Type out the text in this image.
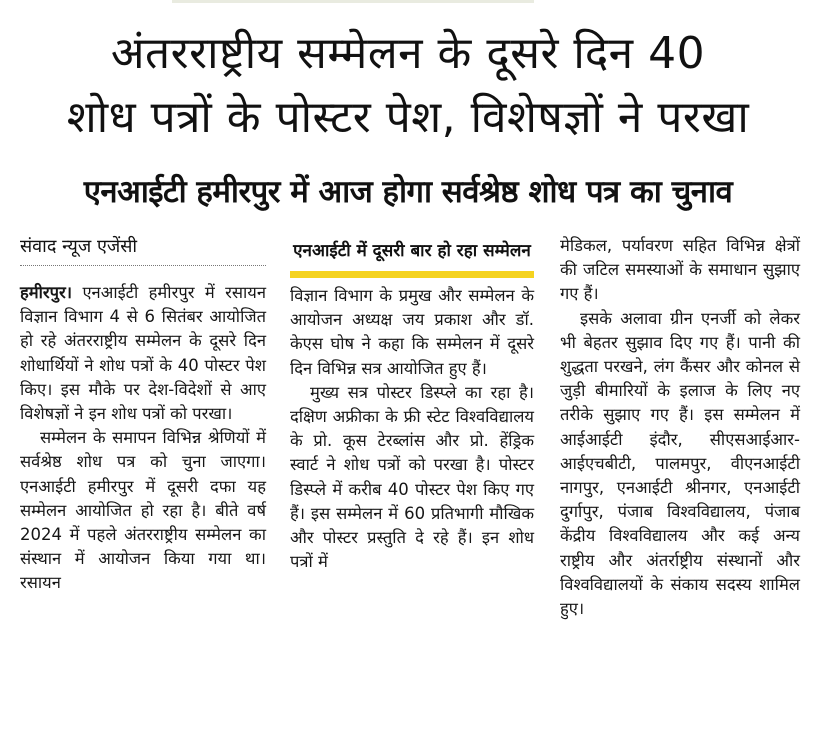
अंतरराष्ट्रीय सम्मेलन के दूसरे दिन 40
शोध पत्रों के पोस्टर पेश, विशेषज्ञों ने परखा
एनआईटी हमीरपुर में आज होगा सर्वश्रेष्ठ शोध पत्र का चुनाव
संवाद न्यूज एजेंसी

हमीरपुर। एनआईटी हमीरपुर में रसायन विज्ञान विभाग 4 से 6 सितंबर आयोजित हो रहे अंतरराष्ट्रीय सम्मेलन के दूसरे दिन शोधार्थियों ने शोध पत्रों के 40 पोस्टर पेश किए। इस मौके पर देश-विदेशों से आए विशेषज्ञों ने इन शोध पत्रों को परखा।

सम्मेलन के समापन विभिन्न श्रेणियों में सर्वश्रेष्ठ शोध पत्र को चुना जाएगा। एनआईटी हमीरपुर में दूसरी दफा यह सम्मेलन आयोजित हो रहा है। बीते वर्ष 2024 में पहले अंतरराष्ट्रीय सम्मेलन का संस्थान में आयोजन किया गया था। रसायन

एनआईटी में दूसरी बार हो रहा सम्मेलन

विज्ञान विभाग के प्रमुख और सम्मेलन के आयोजन अध्यक्ष जय प्रकाश और डॉ. केएस घोष ने कहा कि सम्मेलन में दूसरे दिन विभिन्न सत्र आयोजित हुए हैं।

मुख्य सत्र पोस्टर डिस्प्ले का रहा है। दक्षिण अफ्रीका के फ्री स्टेट विश्वविद्यालय के प्रो. कूस टेरब्लांस और प्रो. हेंड्रिक स्वार्ट ने शोध पत्रों को परखा है। पोस्टर डिस्प्ले में करीब 40 पोस्टर पेश किए गए हैं। इस सम्मेलन में 60 प्रतिभागी मौखिक और पोस्टर प्रस्तुति दे रहे हैं। इन शोध पत्रों में

मेडिकल, पर्यावरण सहित विभिन्न क्षेत्रों की जटिल समस्याओं के समाधान सुझाए गए हैं।

इसके अलावा ग्रीन एनर्जी को लेकर भी बेहतर सुझाव दिए गए हैं। पानी की शुद्धता परखने, लंग कैंसर और कोनल से जुड़ी बीमारियों के इलाज के लिए नए तरीके सुझाए गए हैं। इस सम्मेलन में आईआईटी इंदौर, सीएसआईआर-आईएचबीटी, पालमपुर, वीएनआईटी नागपुर, एनआईटी श्रीनगर, एनआईटी दुर्गापुर, पंजाब विश्वविद्यालय, पंजाब केंद्रीय विश्वविद्यालय और कई अन्य राष्ट्रीय और अंतर्राष्ट्रीय संस्थानों और विश्वविद्यालयों के संकाय सदस्य शामिल हुए।
